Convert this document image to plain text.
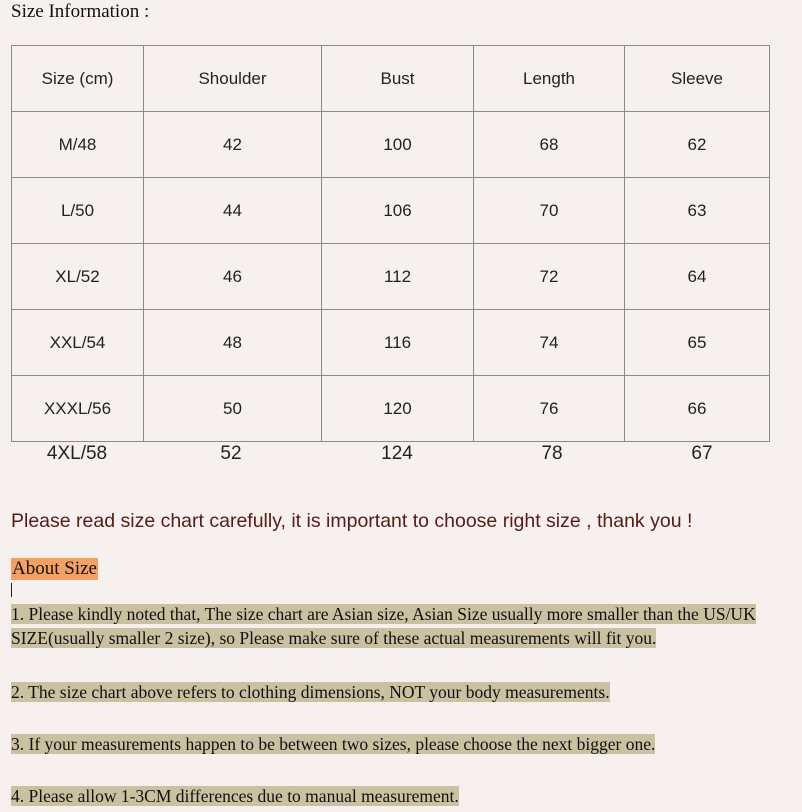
Size Information :
Size (cm)	Shoulder	Bust	Length	Sleeve
M/48	42	100	68	62
L/50	44	106	70	63
XL/52	46	112	72	64
XXL/54	48	116	74	65
XXXL/56	50	120	76	66
4XL/58	52	124	78	67
Please read size chart carefully, it is important to choose right size , thank you !
About Size
1. Please kindly noted that, The size chart are Asian size, Asian Size usually more smaller than the US/UK SIZE(usually smaller 2 size), so Please make sure of these actual measurements will fit you.
2. The size chart above refers to clothing dimensions, NOT your body measurements.
3. If your measurements happen to be between two sizes, please choose the next bigger one.
4. Please allow 1-3CM differences due to manual measurement.
